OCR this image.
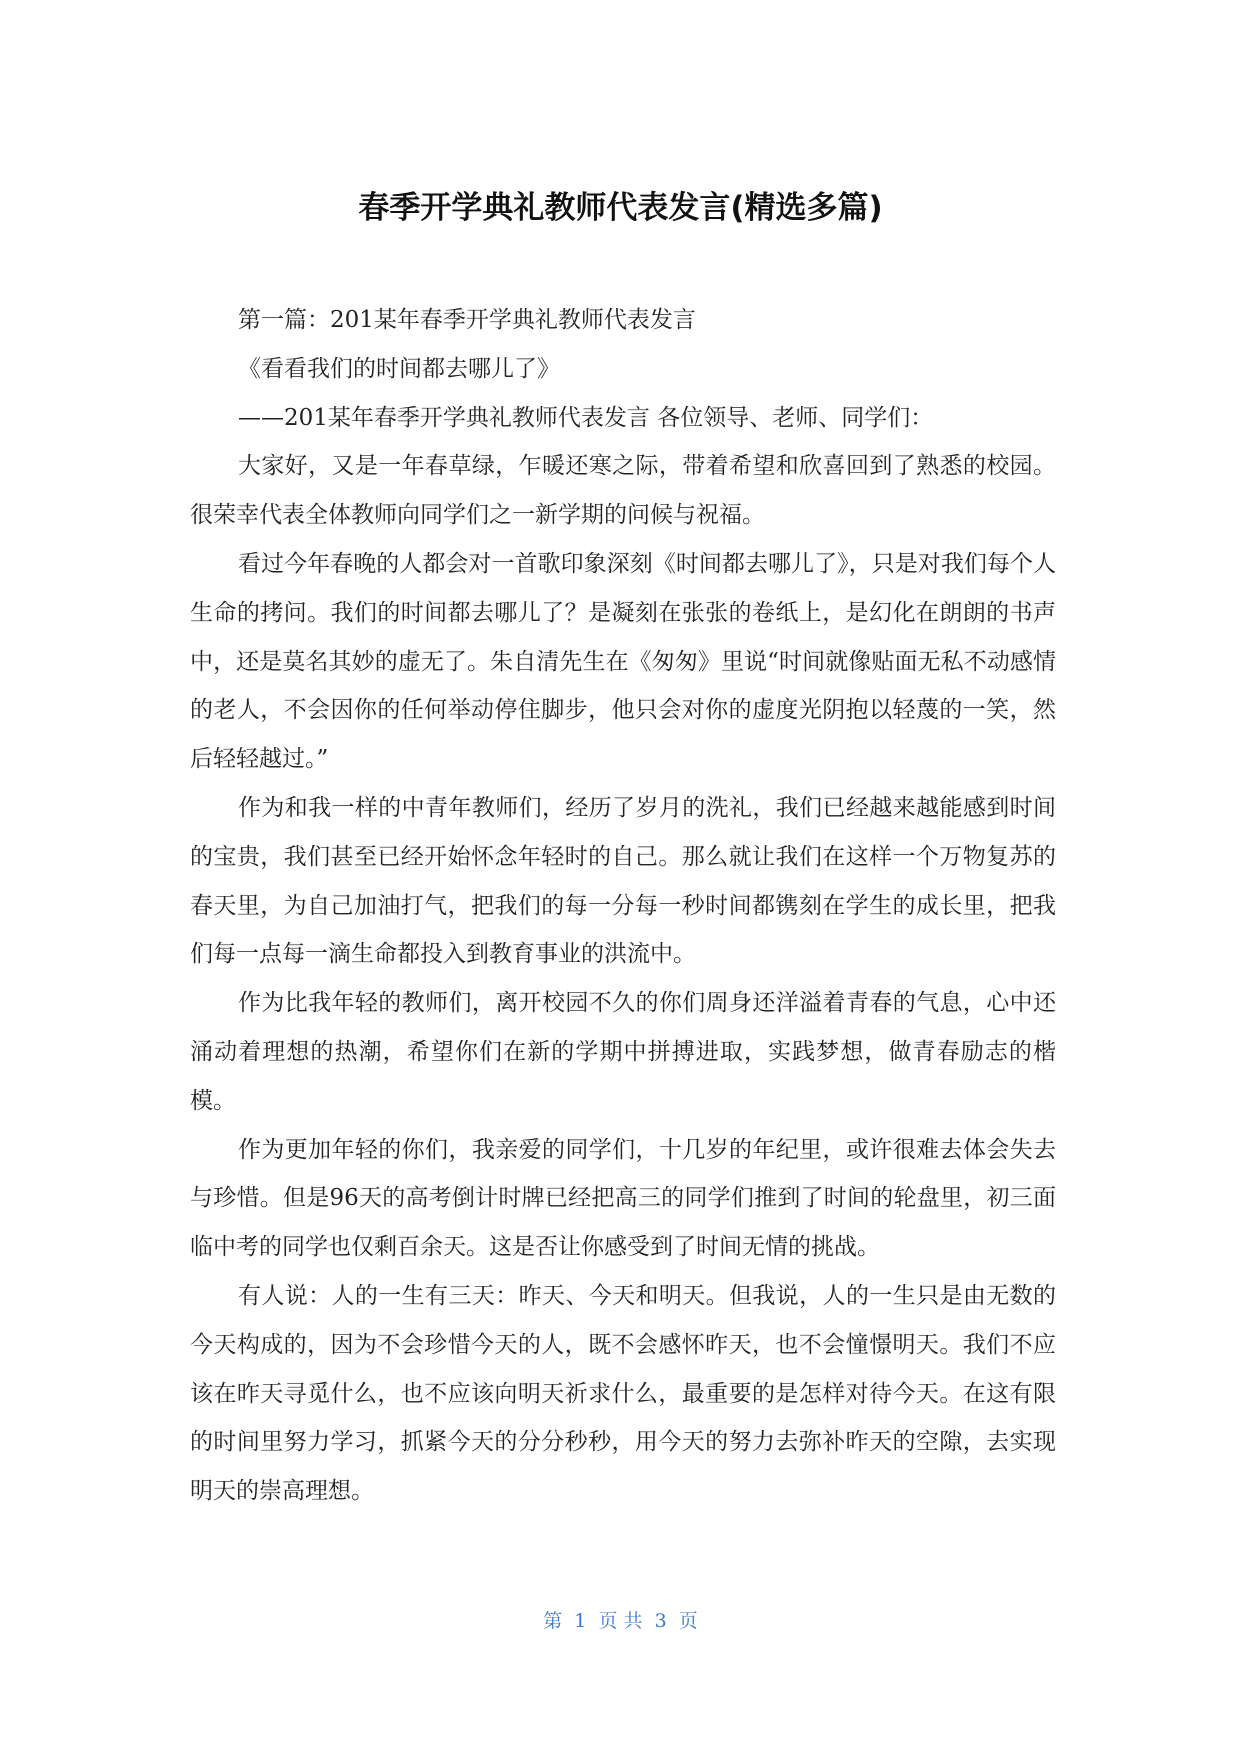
春季开学典礼教师代表发言(精选多篇)

第一篇：201某年春季开学典礼教师代表发言

《看看我们的时间都去哪儿了》

——201某年春季开学典礼教师代表发言 各位领导、老师、同学们：

大家好，又是一年春草绿，乍暖还寒之际，带着希望和欣喜回到了熟悉的校园。很荣幸代表全体教师向同学们之一新学期的问候与祝福。

看过今年春晚的人都会对一首歌印象深刻《时间都去哪儿了》，只是对我们每个人生命的拷问。我们的时间都去哪儿了？是凝刻在张张的卷纸上，是幻化在朗朗的书声中，还是莫名其妙的虚无了。朱自清先生在《匆匆》里说“时间就像贴面无私不动感情的老人，不会因你的任何举动停住脚步，他只会对你的虚度光阴抱以轻蔑的一笑，然后轻轻越过。”

作为和我一样的中青年教师们，经历了岁月的洗礼，我们已经越来越能感到时间的宝贵，我们甚至已经开始怀念年轻时的自己。那么就让我们在这样一个万物复苏的春天里，为自己加油打气，把我们的每一分每一秒时间都镌刻在学生的成长里，把我们每一点每一滴生命都投入到教育事业的洪流中。

作为比我年轻的教师们，离开校园不久的你们周身还洋溢着青春的气息，心中还涌动着理想的热潮，希望你们在新的学期中拼搏进取，实践梦想，做青春励志的楷模。

作为更加年轻的你们，我亲爱的同学们，十几岁的年纪里，或许很难去体会失去与珍惜。但是96天的高考倒计时牌已经把高三的同学们推到了时间的轮盘里，初三面临中考的同学也仅剩百余天。这是否让你感受到了时间无情的挑战。

有人说：人的一生有三天：昨天、今天和明天。但我说，人的一生只是由无数的今天构成的，因为不会珍惜今天的人，既不会感怀昨天，也不会憧憬明天。我们不应该在昨天寻觅什么，也不应该向明天祈求什么，最重要的是怎样对待今天。在这有限的时间里努力学习，抓紧今天的分分秒秒，用今天的努力去弥补昨天的空隙，去实现明天的崇高理想。

第  1  页 共  3  页
